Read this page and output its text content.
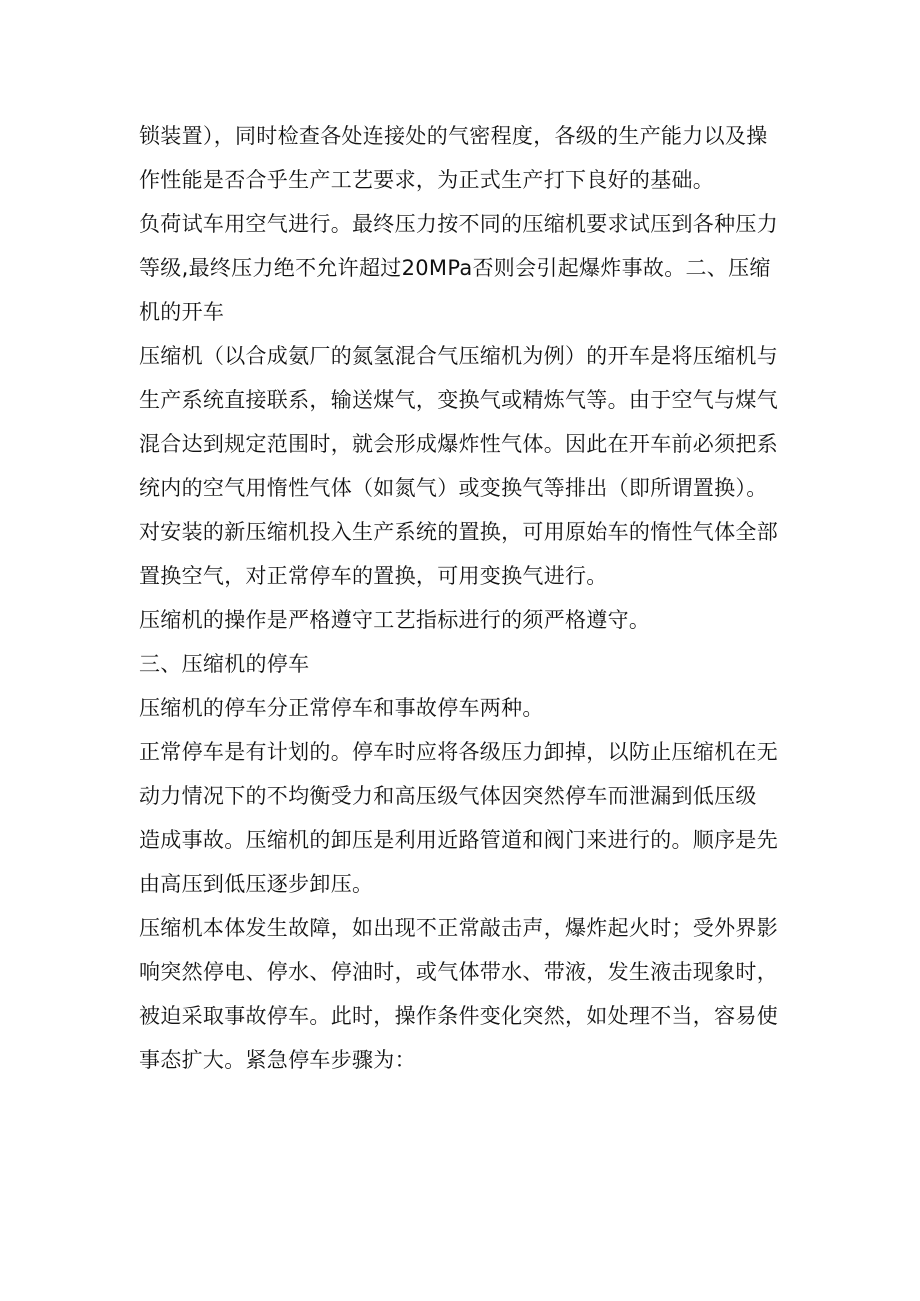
锁装置），同时检查各处连接处的气密程度，各级的生产能力以及操
作性能是否合乎生产工艺要求，为正式生产打下良好的基础。
负荷试车用空气进行。最终压力按不同的压缩机要求试压到各种压力
等级,最终压力绝不允许超过20MPa否则会引起爆炸事故。二、压缩
机的开车
压缩机（以合成氨厂的氮氢混合气压缩机为例）的开车是将压缩机与
生产系统直接联系，输送煤气，变换气或精炼气等。由于空气与煤气
混合达到规定范围时，就会形成爆炸性气体。因此在开车前必须把系
统内的空气用惰性气体（如氮气）或变换气等排出（即所谓置换）。
对安装的新压缩机投入生产系统的置换，可用原始车的惰性气体全部
置换空气，对正常停车的置换，可用变换气进行。
压缩机的操作是严格遵守工艺指标进行的须严格遵守。
三、压缩机的停车
压缩机的停车分正常停车和事故停车两种。
正常停车是有计划的。停车时应将各级压力卸掉，以防止压缩机在无
动力情况下的不均衡受力和高压级气体因突然停车而泄漏到低压级
造成事故。压缩机的卸压是利用近路管道和阀门来进行的。顺序是先
由高压到低压逐步卸压。
压缩机本体发生故障，如出现不正常敲击声，爆炸起火时；受外界影
响突然停电、停水、停油时，或气体带水、带液，发生液击现象时，
被迫采取事故停车。此时，操作条件变化突然，如处理不当，容易使
事态扩大。紧急停车步骤为：
